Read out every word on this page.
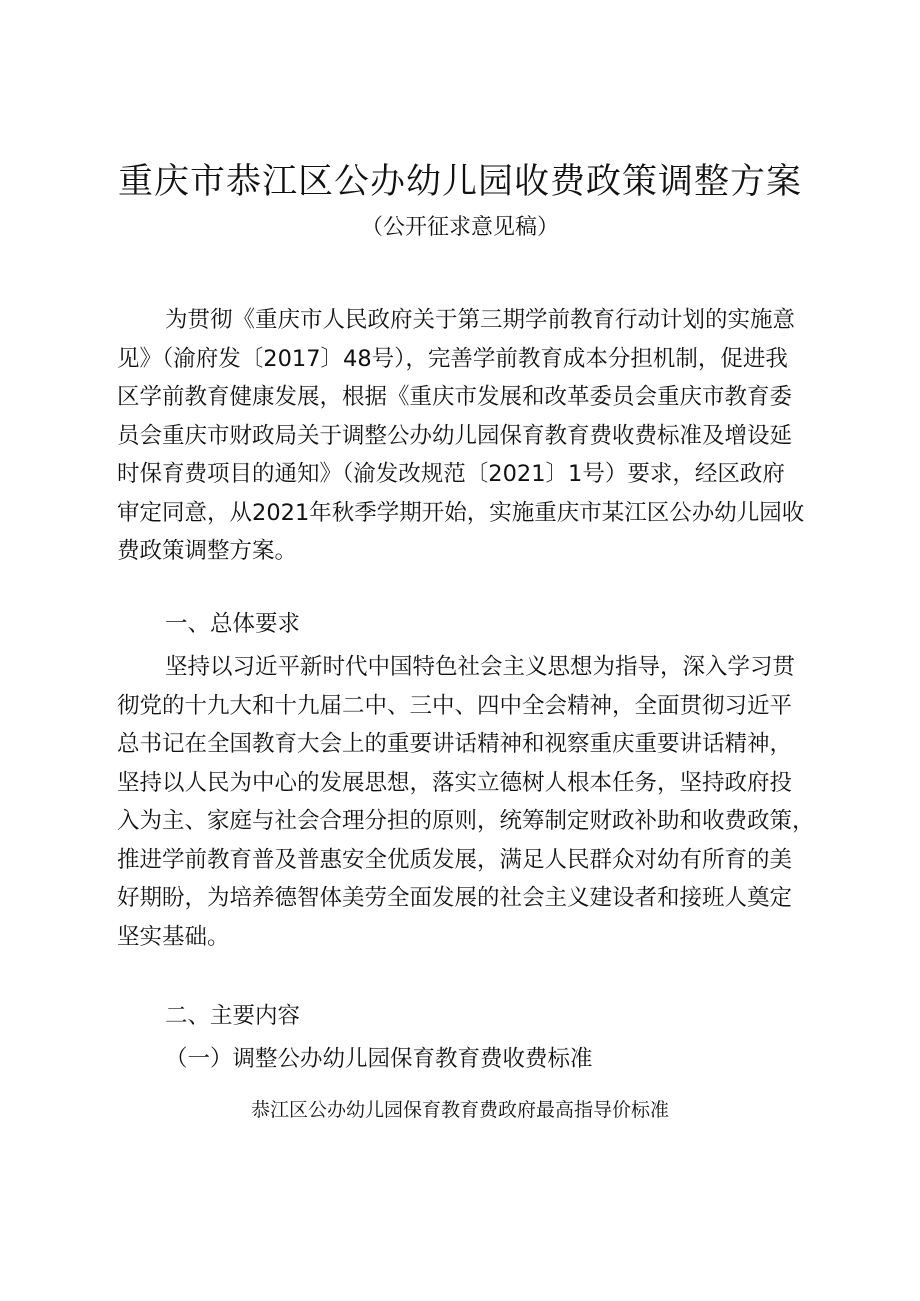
重庆市恭江区公办幼儿园收费政策调整方案
（公开征求意见稿）
为贯彻《重庆市人民政府关于第三期学前教育行动计划的实施意
见》（渝府发〔2017〕48号），完善学前教育成本分担机制，促进我
区学前教育健康发展，根据《重庆市发展和改革委员会重庆市教育委
员会重庆市财政局关于调整公办幼儿园保育教育费收费标准及增设延
时保育费项目的通知》（渝发改规范〔2021〕1号）要求，经区政府
审定同意，从2021年秋季学期开始，实施重庆市某江区公办幼儿园收
费政策调整方案。
一、总体要求
坚持以习近平新时代中国特色社会主义思想为指导，深入学习贯
彻党的十九大和十九届二中、三中、四中全会精神，全面贯彻习近平
总书记在全国教育大会上的重要讲话精神和视察重庆重要讲话精神，
坚持以人民为中心的发展思想，落实立德树人根本任务，坚持政府投
入为主、家庭与社会合理分担的原则，统筹制定财政补助和收费政策，
推进学前教育普及普惠安全优质发展，满足人民群众对幼有所育的美
好期盼，为培养德智体美劳全面发展的社会主义建设者和接班人奠定
坚实基础。
二、主要内容
（一）调整公办幼儿园保育教育费收费标准
恭江区公办幼儿园保育教育费政府最高指导价标准
